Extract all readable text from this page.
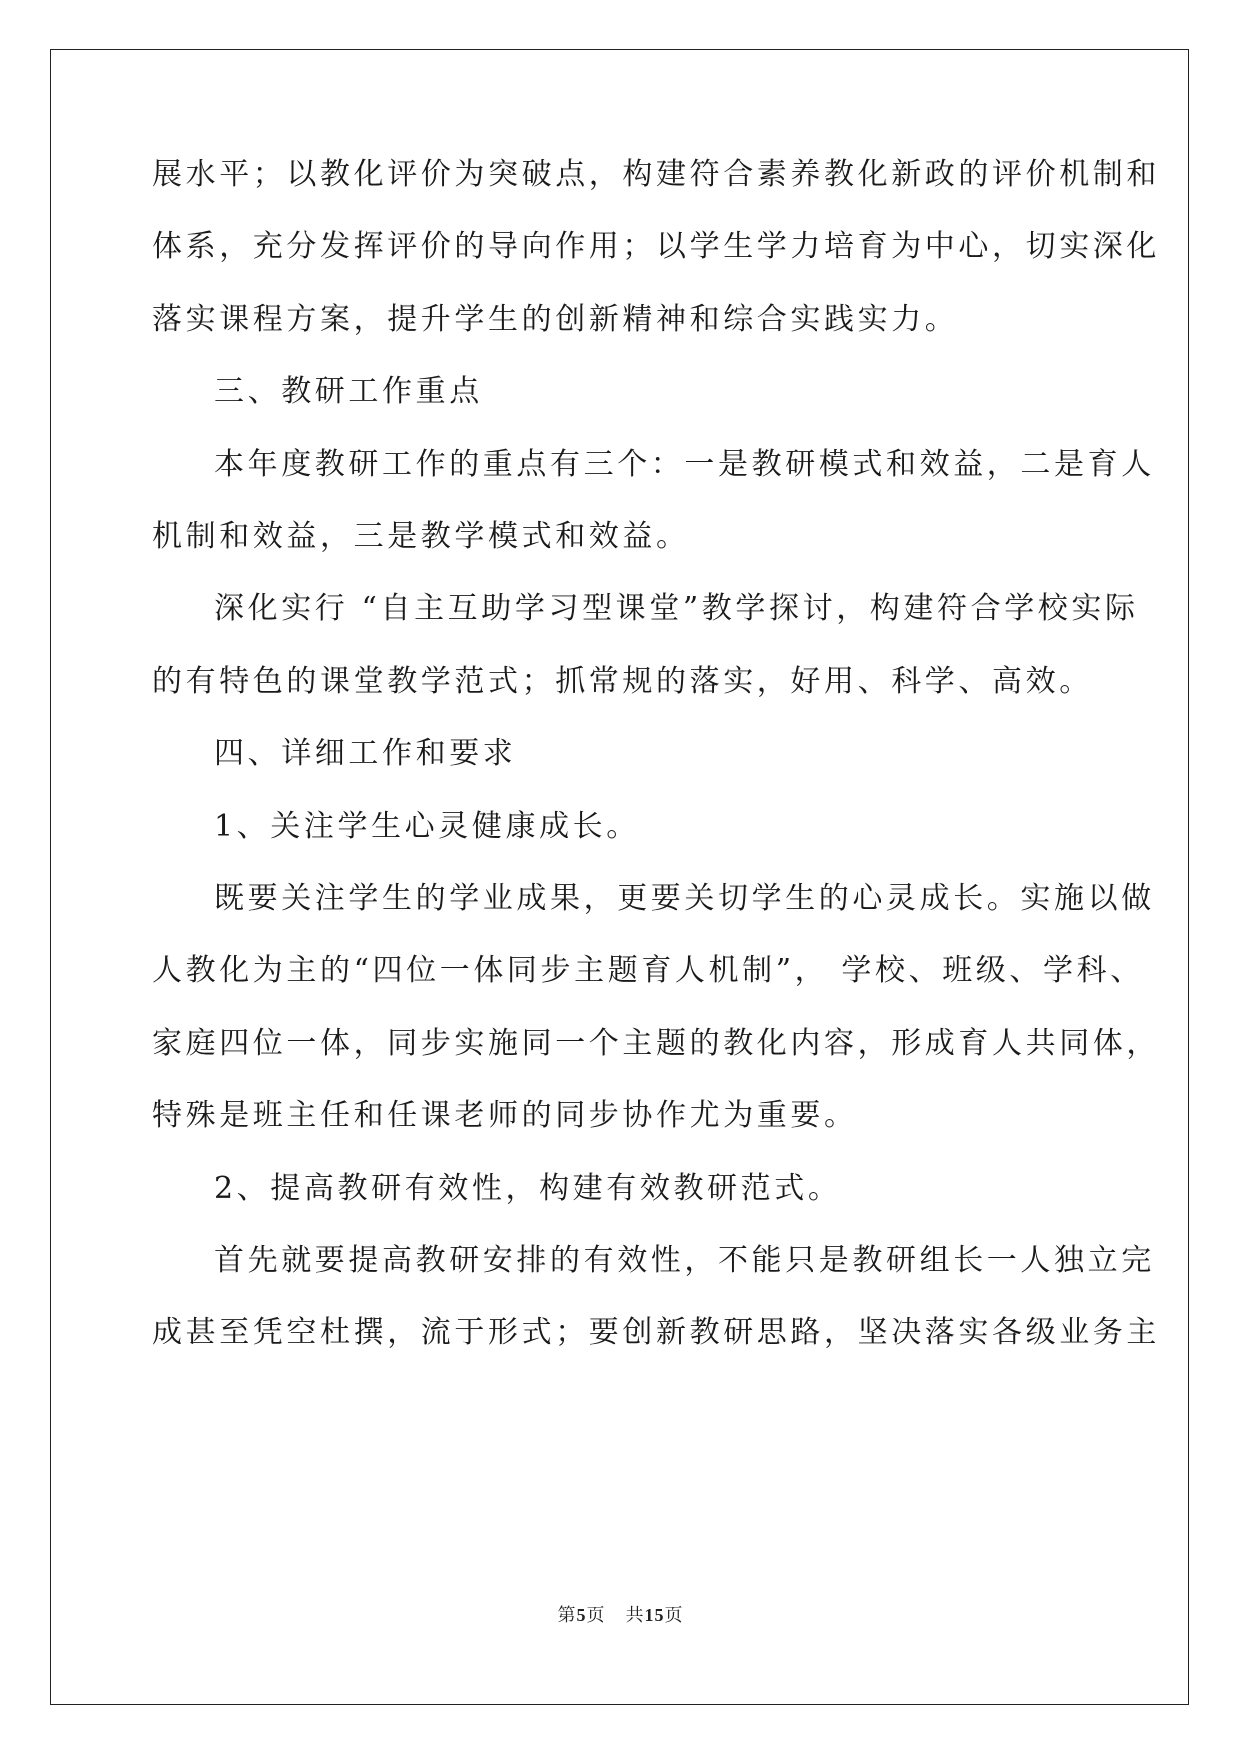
展水平；以教化评价为突破点，构建符合素养教化新政的评价机制和
体系，充分发挥评价的导向作用；以学生学力培育为中心，切实深化
落实课程方案，提升学生的创新精神和综合实践实力。
三、教研工作重点
本年度教研工作的重点有三个：一是教研模式和效益，二是育人
机制和效益，三是教学模式和效益。
深化实行 “自主互助学习型课堂”教学探讨，构建符合学校实际
的有特色的课堂教学范式；抓常规的落实，好用、科学、高效。
四、详细工作和要求
1、关注学生心灵健康成长。
既要关注学生的学业成果，更要关切学生的心灵成长。实施以做
人教化为主的“四位一体同步主题育人机制”， 学校、班级、学科、
家庭四位一体，同步实施同一个主题的教化内容，形成育人共同体，
特殊是班主任和任课老师的同步协作尤为重要。
2、提高教研有效性，构建有效教研范式。
首先就要提高教研安排的有效性，不能只是教研组长一人独立完
成甚至凭空杜撰，流于形式；要创新教研思路，坚决落实各级业务主
第5页 共15页
